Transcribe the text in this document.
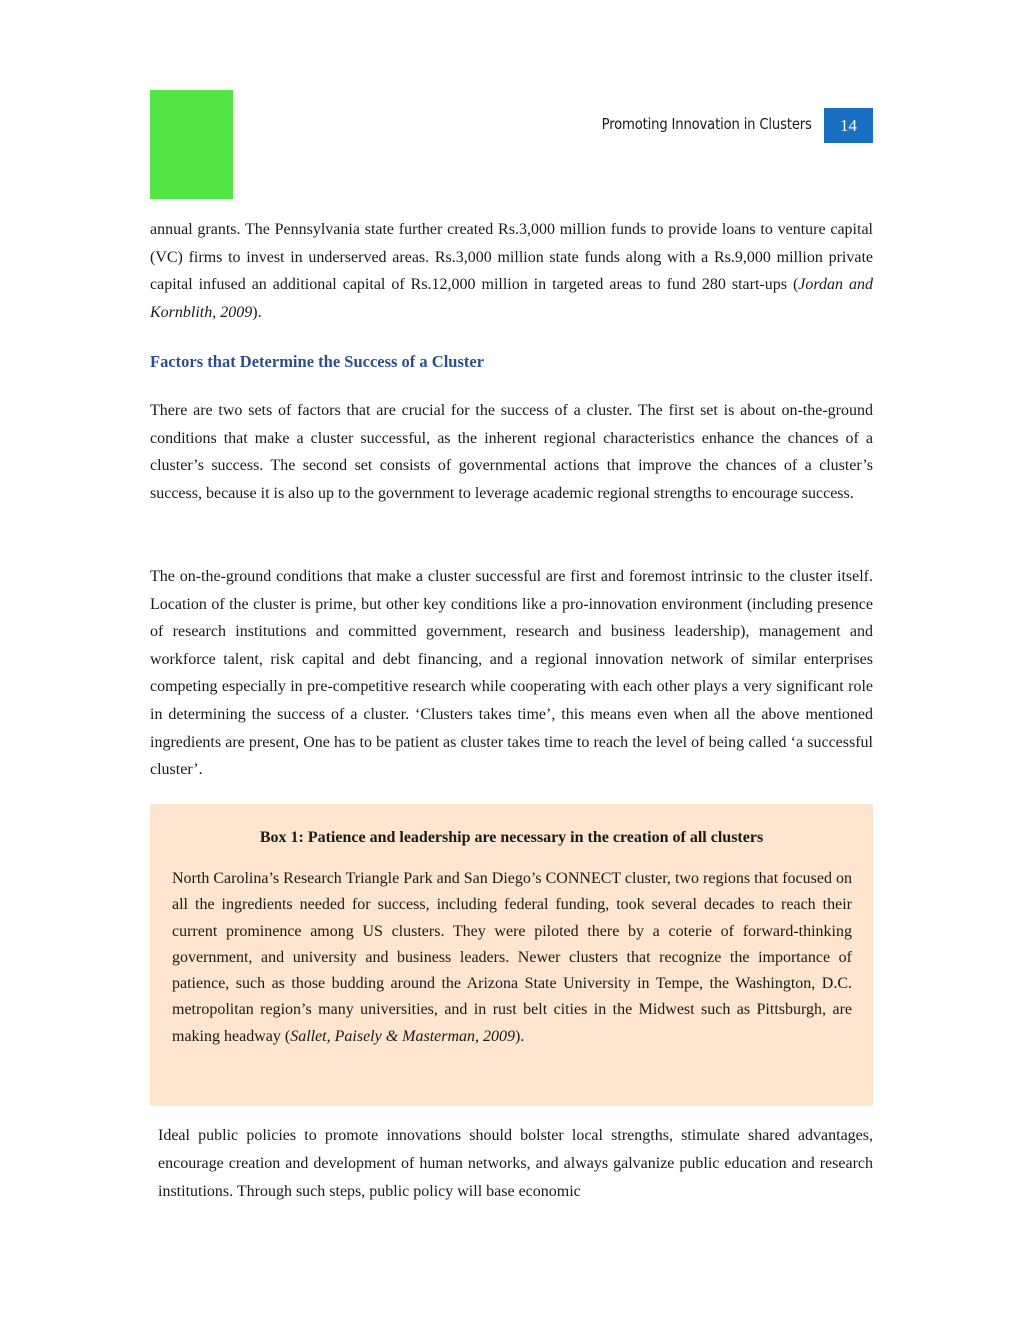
Promoting Innovation in Clusters	14

annual grants. The Pennsylvania state further created Rs.3,000 million funds to provide loans to venture capital (VC) firms to invest in underserved areas. Rs.3,000 million state funds along with a Rs.9,000 million private capital infused an additional capital of Rs.12,000 million in targeted areas to fund 280 start-ups (Jordan and Kornblith, 2009).

Factors that Determine the Success of a Cluster

There are two sets of factors that are crucial for the success of a cluster. The first set is about on-the-ground conditions that make a cluster successful, as the inherent regional characteristics enhance the chances of a cluster’s success. The second set consists of governmental actions that improve the chances of a cluster’s success, because it is also up to the government to leverage academic regional strengths to encourage success.

The on-the-ground conditions that make a cluster successful are first and foremost intrinsic to the cluster itself. Location of the cluster is prime, but other key conditions like a pro-innovation environment (including presence of research institutions and committed government, research and business leadership), management and workforce talent, risk capital and debt financing, and a regional innovation network of similar enterprises competing especially in pre-competitive research while cooperating with each other plays a very significant role in determining the success of a cluster. ‘Clusters takes time’, this means even when all the above mentioned ingredients are present, One has to be patient as cluster takes time to reach the level of being called ‘a successful cluster’.

Box 1: Patience and leadership are necessary in the creation of all clusters

North Carolina’s Research Triangle Park and San Diego’s CONNECT cluster, two regions that focused on all the ingredients needed for success, including federal funding, took several decades to reach their current prominence among US clusters. They were piloted there by a coterie of forward-thinking government, and university and business leaders. Newer clusters that recognize the importance of patience, such as those budding around the Arizona State University in Tempe, the Washington, D.C. metropolitan region’s many universities, and in rust belt cities in the Midwest such as Pittsburgh, are making headway (Sallet, Paisely & Masterman, 2009).

Ideal public policies to promote innovations should bolster local strengths, stimulate shared advantages, encourage creation and development of human networks, and always galvanize public education and research institutions. Through such steps, public policy will base economic
